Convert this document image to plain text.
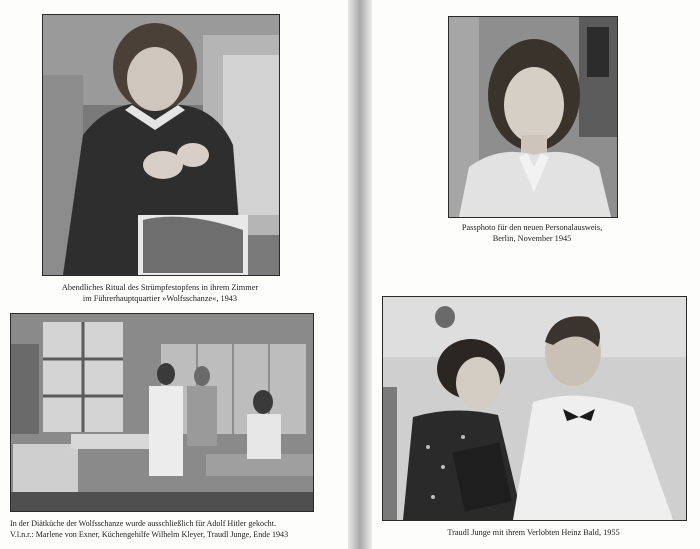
Abendliches Ritual des Strümpfestopfens in ihrem Zimmer
im Führerhauptquartier »Wolfsschanze«, 1943
In der Diätküche der Wolfsschanze wurde ausschließlich für Adolf Hitler gekocht.
V.l.n.r.: Marlene von Exner, Küchengehilfe Wilhelm Kleyer, Traudl Junge, Ende 1943
Passphoto für den neuen Personalausweis,
Berlin, November 1945
Traudl Junge mit ihrem Verlobten Heinz Bald, 1955
